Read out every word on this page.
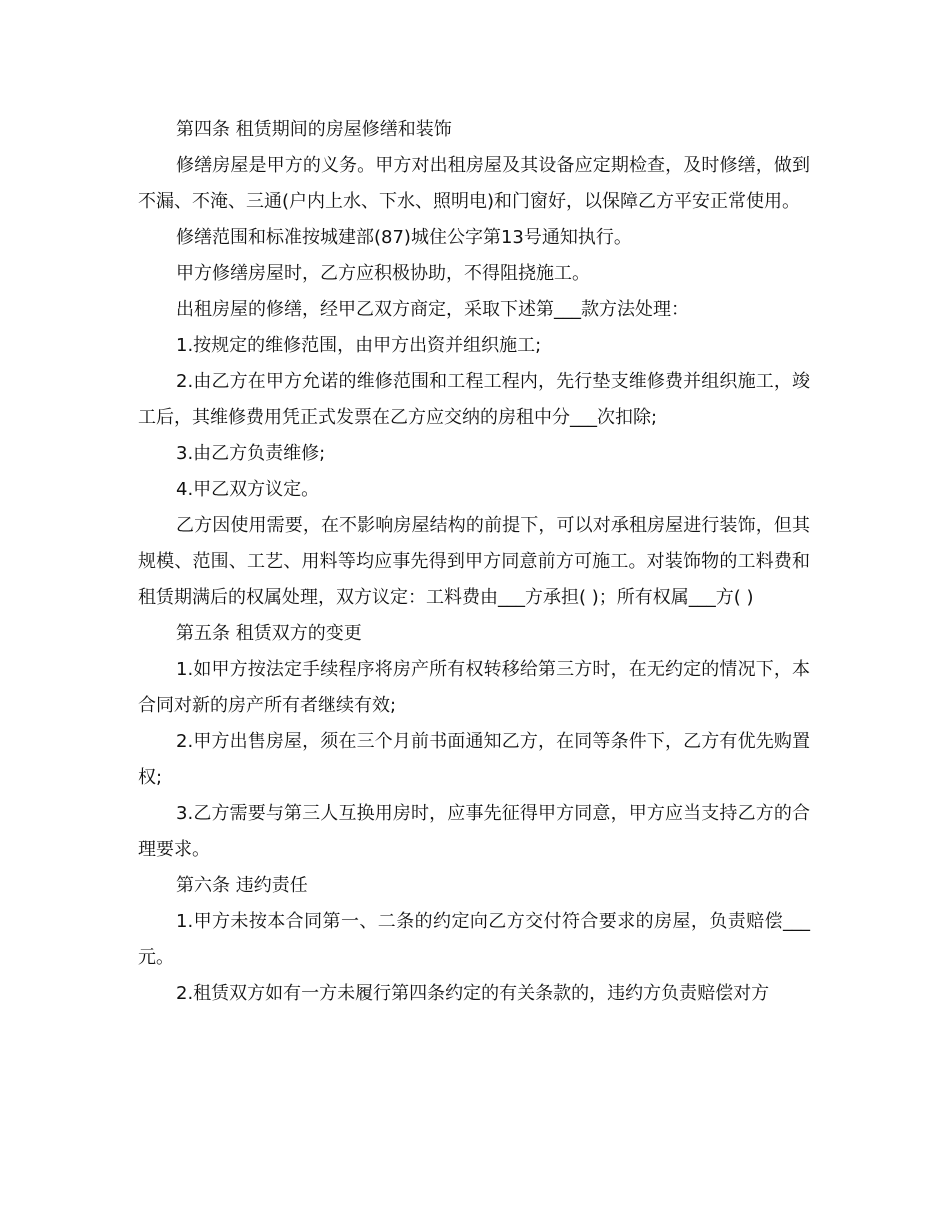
第四条 租赁期间的房屋修缮和装饰

修缮房屋是甲方的义务。甲方对出租房屋及其设备应定期检查，及时修缮，做到不漏、不淹、三通(户内上水、下水、照明电)和门窗好，以保障乙方平安正常使用。

修缮范围和标准按城建部(87)城住公字第13号通知执行。

甲方修缮房屋时，乙方应积极协助，不得阻挠施工。

出租房屋的修缮，经甲乙双方商定，采取下述第___款方法处理：

1.按规定的维修范围，由甲方出资并组织施工;

2.由乙方在甲方允诺的维修范围和工程工程内，先行垫支维修费并组织施工，竣工后，其维修费用凭正式发票在乙方应交纳的房租中分___次扣除;

3.由乙方负责维修;

4.甲乙双方议定。

乙方因使用需要，在不影响房屋结构的前提下，可以对承租房屋进行装饰，但其规模、范围、工艺、用料等均应事先得到甲方同意前方可施工。对装饰物的工料费和租赁期满后的权属处理，双方议定：工料费由___方承担( )；所有权属___方( )

第五条 租赁双方的变更

1.如甲方按法定手续程序将房产所有权转移给第三方时，在无约定的情况下，本合同对新的房产所有者继续有效;

2.甲方出售房屋，须在三个月前书面通知乙方，在同等条件下，乙方有优先购置权;

3.乙方需要与第三人互换用房时，应事先征得甲方同意，甲方应当支持乙方的合理要求。

第六条 违约责任

1.甲方未按本合同第一、二条的约定向乙方交付符合要求的房屋，负责赔偿___元。

2.租赁双方如有一方未履行第四条约定的有关条款的，违约方负责赔偿对方
